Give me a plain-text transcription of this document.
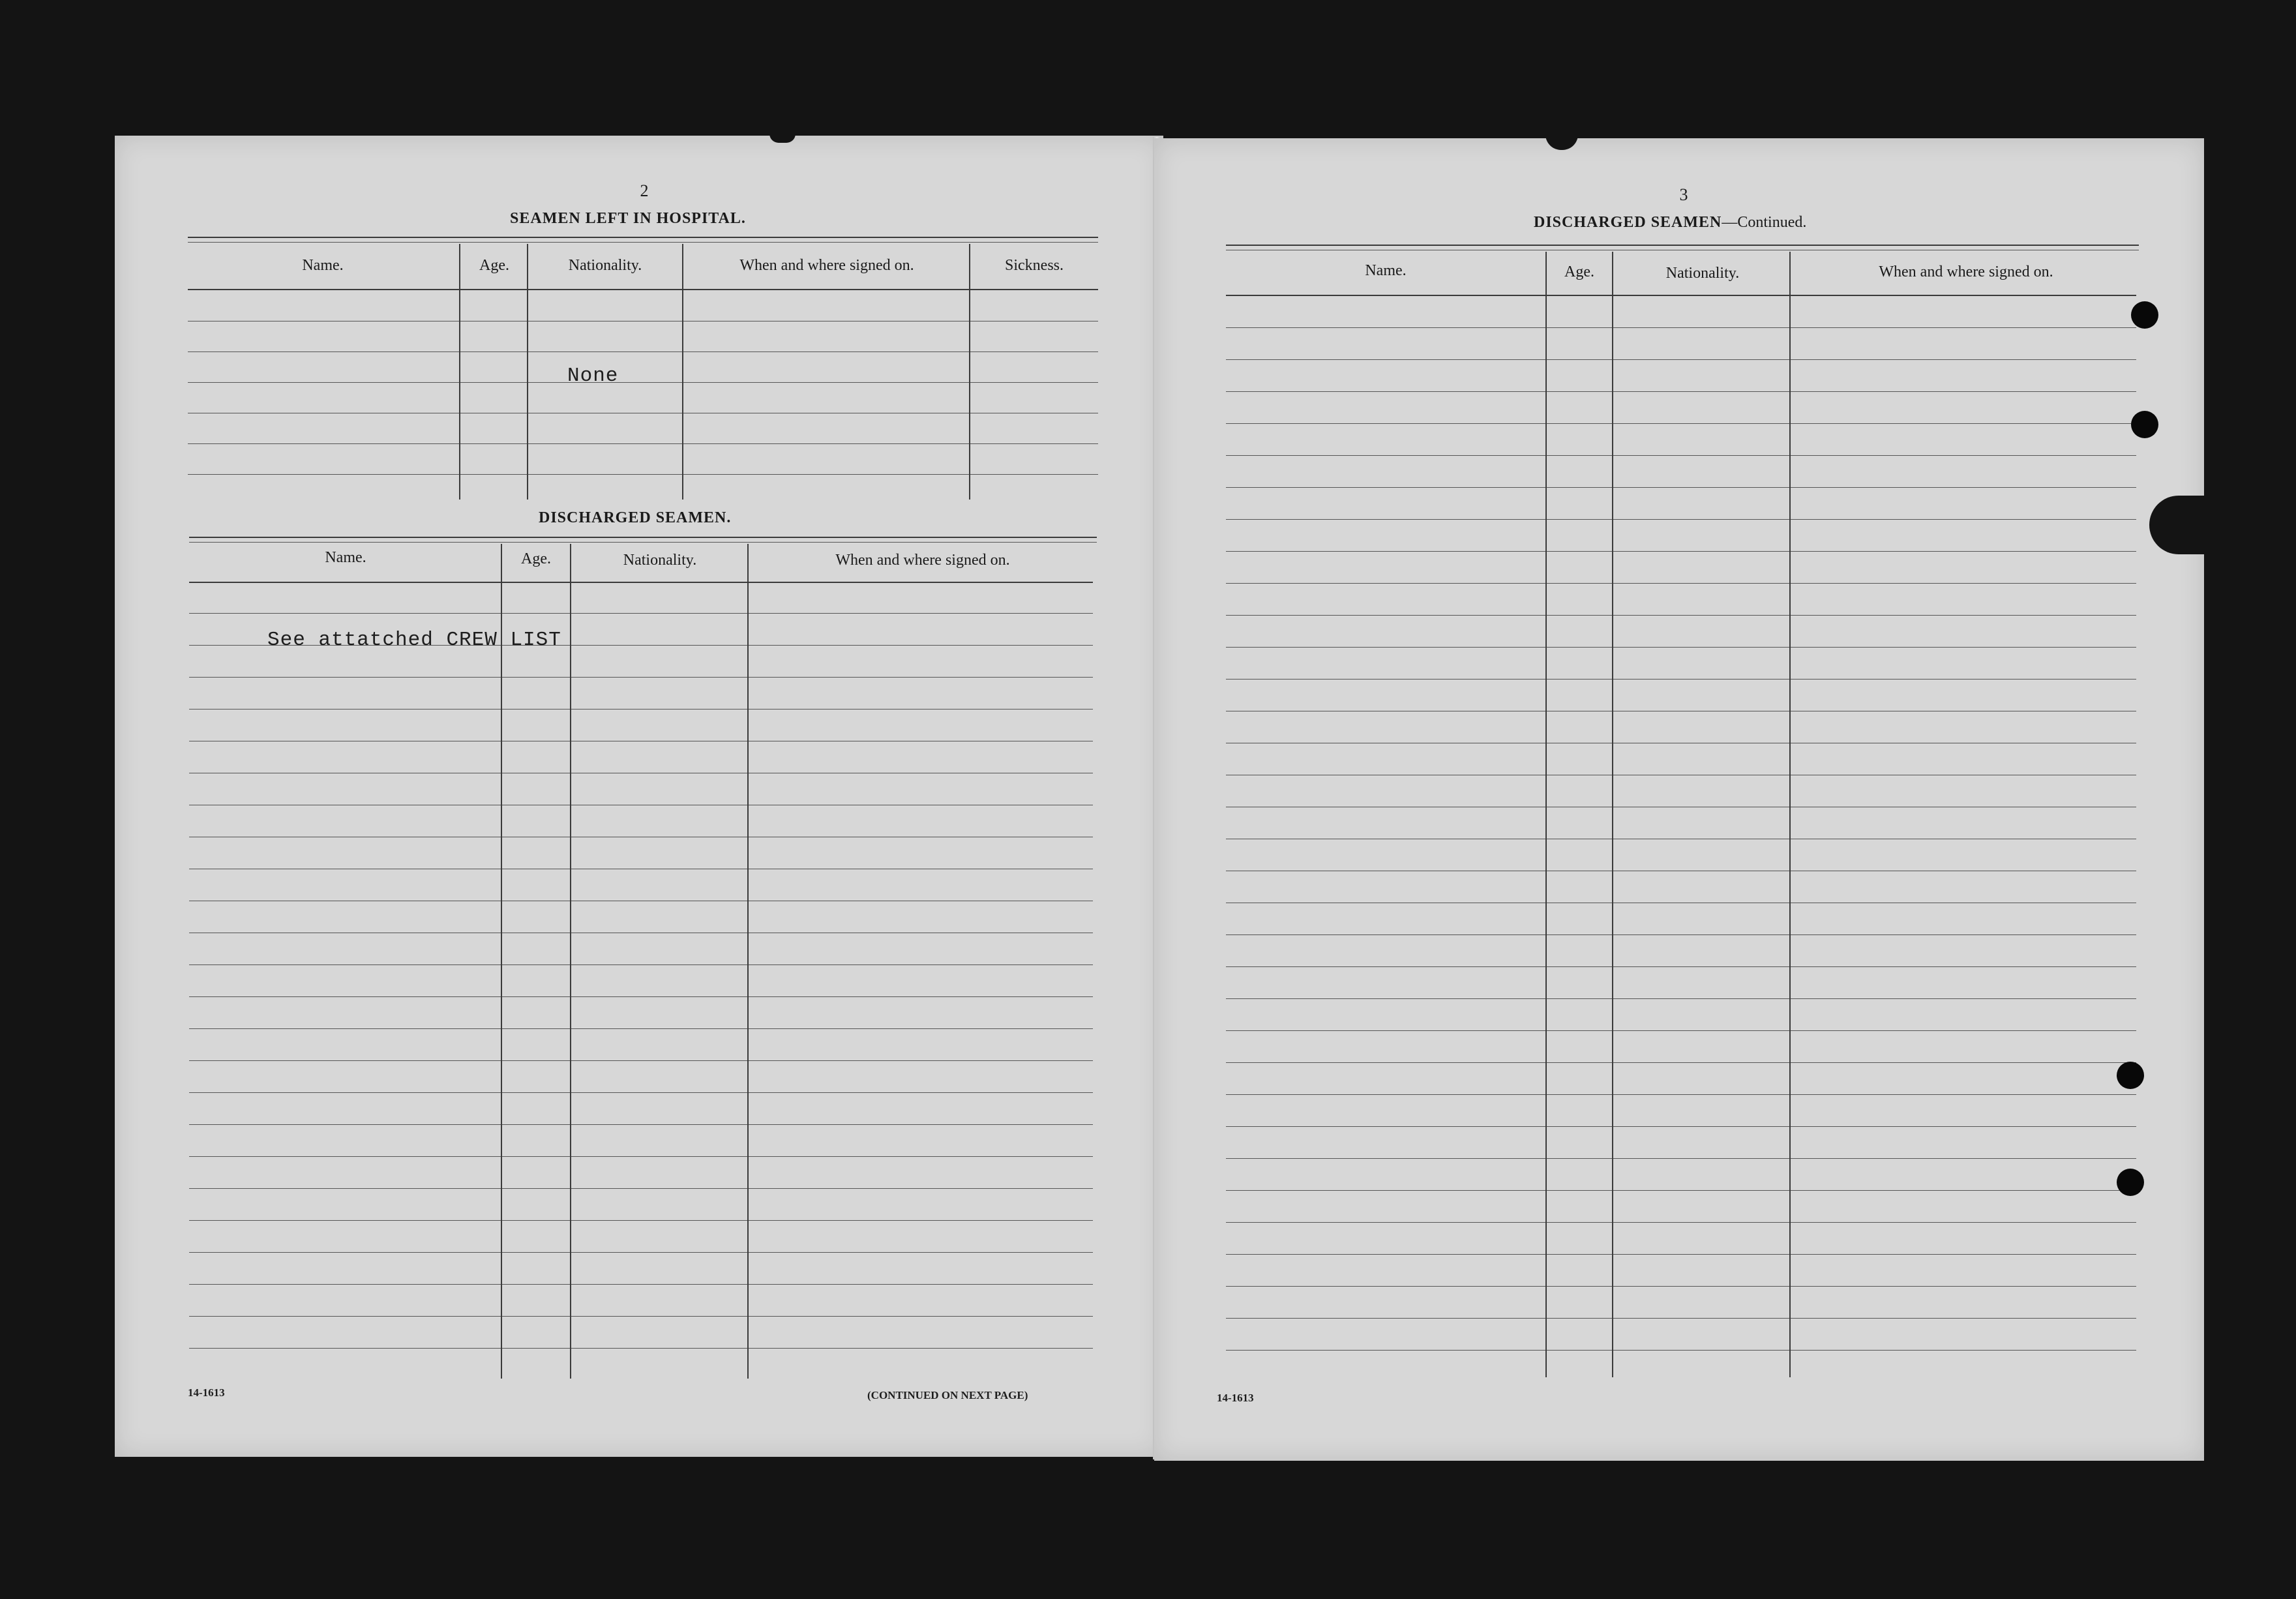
2
SEAMEN LEFT IN HOSPITAL.
Name.	Age.	Nationality.	When and where signed on.	Sickness.
None
DISCHARGED SEAMEN.
Name.	Age.	Nationality.	When and where signed on.
See attatched CREW LIST
14-1613	(CONTINUED ON NEXT PAGE)
3
DISCHARGED SEAMEN—Continued.
Name.	Age.	Nationality.	When and where signed on.
14-1613
